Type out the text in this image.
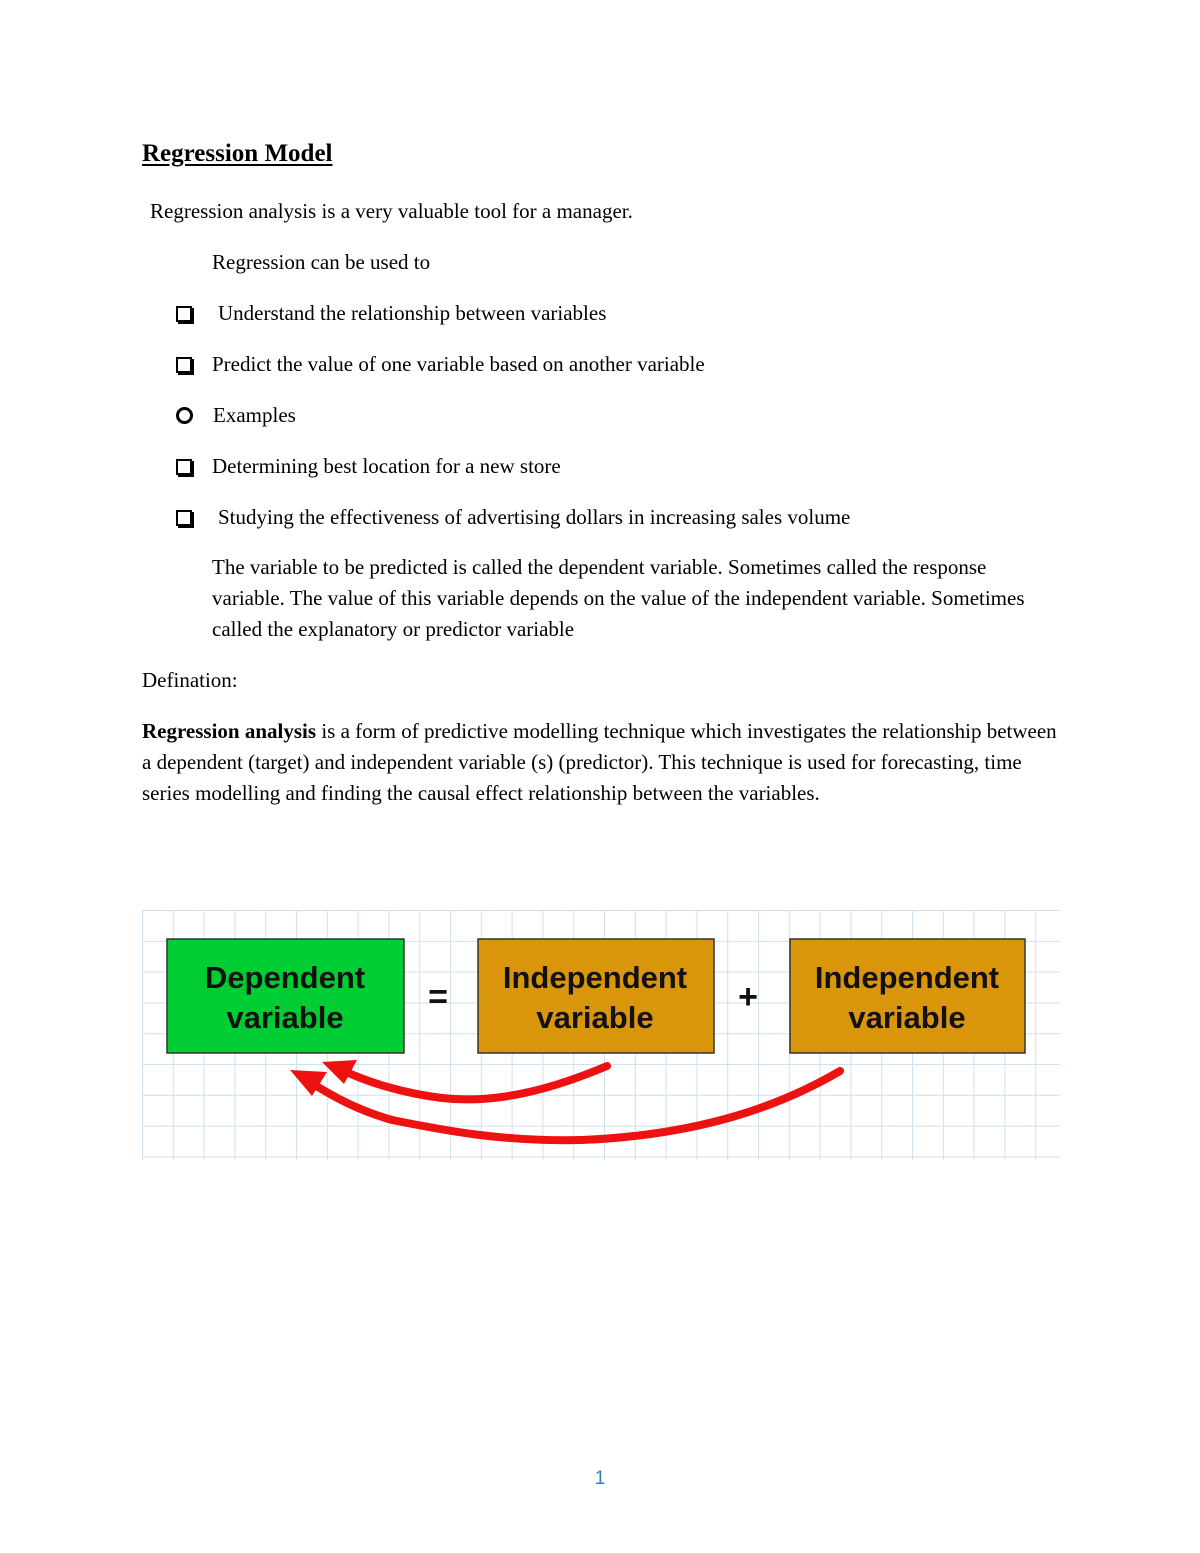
Regression Model

Regression analysis is a very valuable tool for a manager.

Regression can be used to

Understand the relationship between variables
Predict the value of one variable based on another variable
Examples
Determining best location for a new store
Studying the effectiveness of advertising dollars in increasing sales volume

The variable to be predicted is called the dependent variable. Sometimes called the response variable. The value of this variable depends on the value of the independent variable. Sometimes called the explanatory or predictor variable

Defination:

Regression analysis is a form of predictive modelling technique which investigates the relationship between a dependent (target) and independent variable (s) (predictor). This technique is used for forecasting, time series modelling and finding the causal effect relationship between the variables.

Dependent
variable
=
Independent
variable
+
Independent
variable
1
